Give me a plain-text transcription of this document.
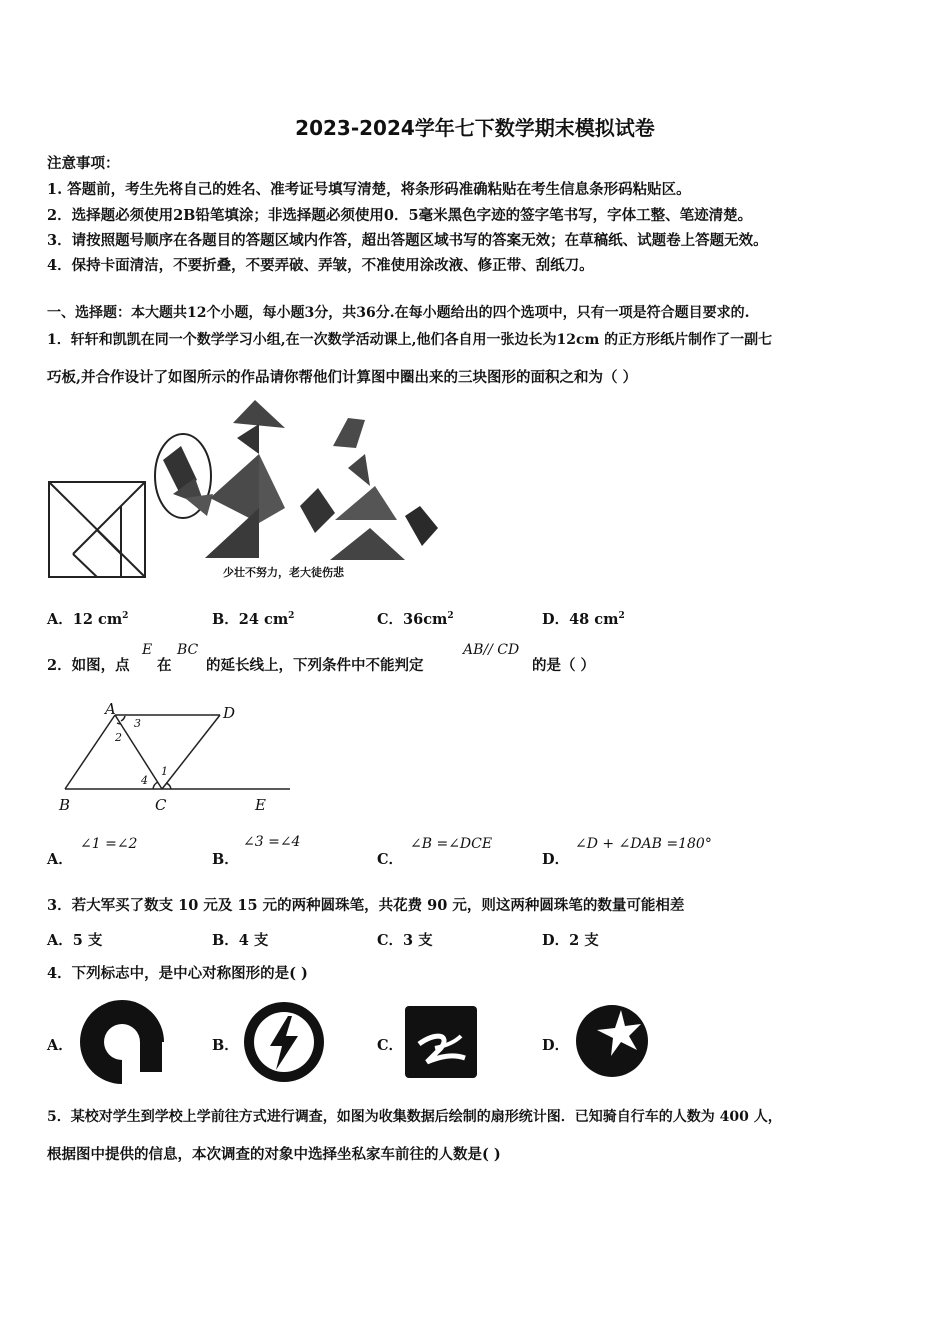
2023-2024学年七下数学期末模拟试卷
注意事项：
1. 答题前，考生先将自己的姓名、准考证号填写清楚，将条形码准确粘贴在考生信息条形码粘贴区。
2．选择题必须使用2B铅笔填涂；非选择题必须使用0．5毫米黑色字迹的签字笔书写，字体工整、笔迹清楚。
3．请按照题号顺序在各题目的答题区域内作答，超出答题区域书写的答案无效；在草稿纸、试题卷上答题无效。
4．保持卡面清洁，不要折叠，不要弄破、弄皱，不准使用涂改液、修正带、刮纸刀。
一、选择题：本大题共12个小题，每小题3分，共36分.在每小题给出的四个选项中，只有一项是符合题目要求的.
1．轩轩和凯凯在同一个数学学习小组,在一次数学活动课上,他们各自用一张边长为12cm 的正方形纸片制作了一副七
巧板,并合作设计了如图所示的作品请你帮他们计算图中圈出来的三块图形的面积之和为（ ）
少壮不努力，老大徒伤悲
A．12 $cm^2$	B．24 $cm^2$	C．$36cm^2$	D．48 $cm^2$
2．如图，点
E
在
BC
的延长线上，下列条件中不能判定
AB// CD
的是（ ）
A	D
B	C	E
1
2
3
4
A．
∠1 =∠2
B．
∠3 =∠4
C．
∠B =∠DCE
D．
∠D + ∠DAB =180°
3．若大军买了数支 10 元及 15 元的两种圆珠笔，共花费 90 元，则这两种圆珠笔的数量可能相差
A．5 支	B．4 支	C．3 支	D．2 支
4．下列标志中，是中心对称图形的是( )
A．	B．	C．	D．
5．某校对学生到学校上学前往方式进行调查，如图为收集数据后绘制的扇形统计图．已知骑自行车的人数为 400 人，
根据图中提供的信息，本次调查的对象中选择坐私家车前往的人数是( )
